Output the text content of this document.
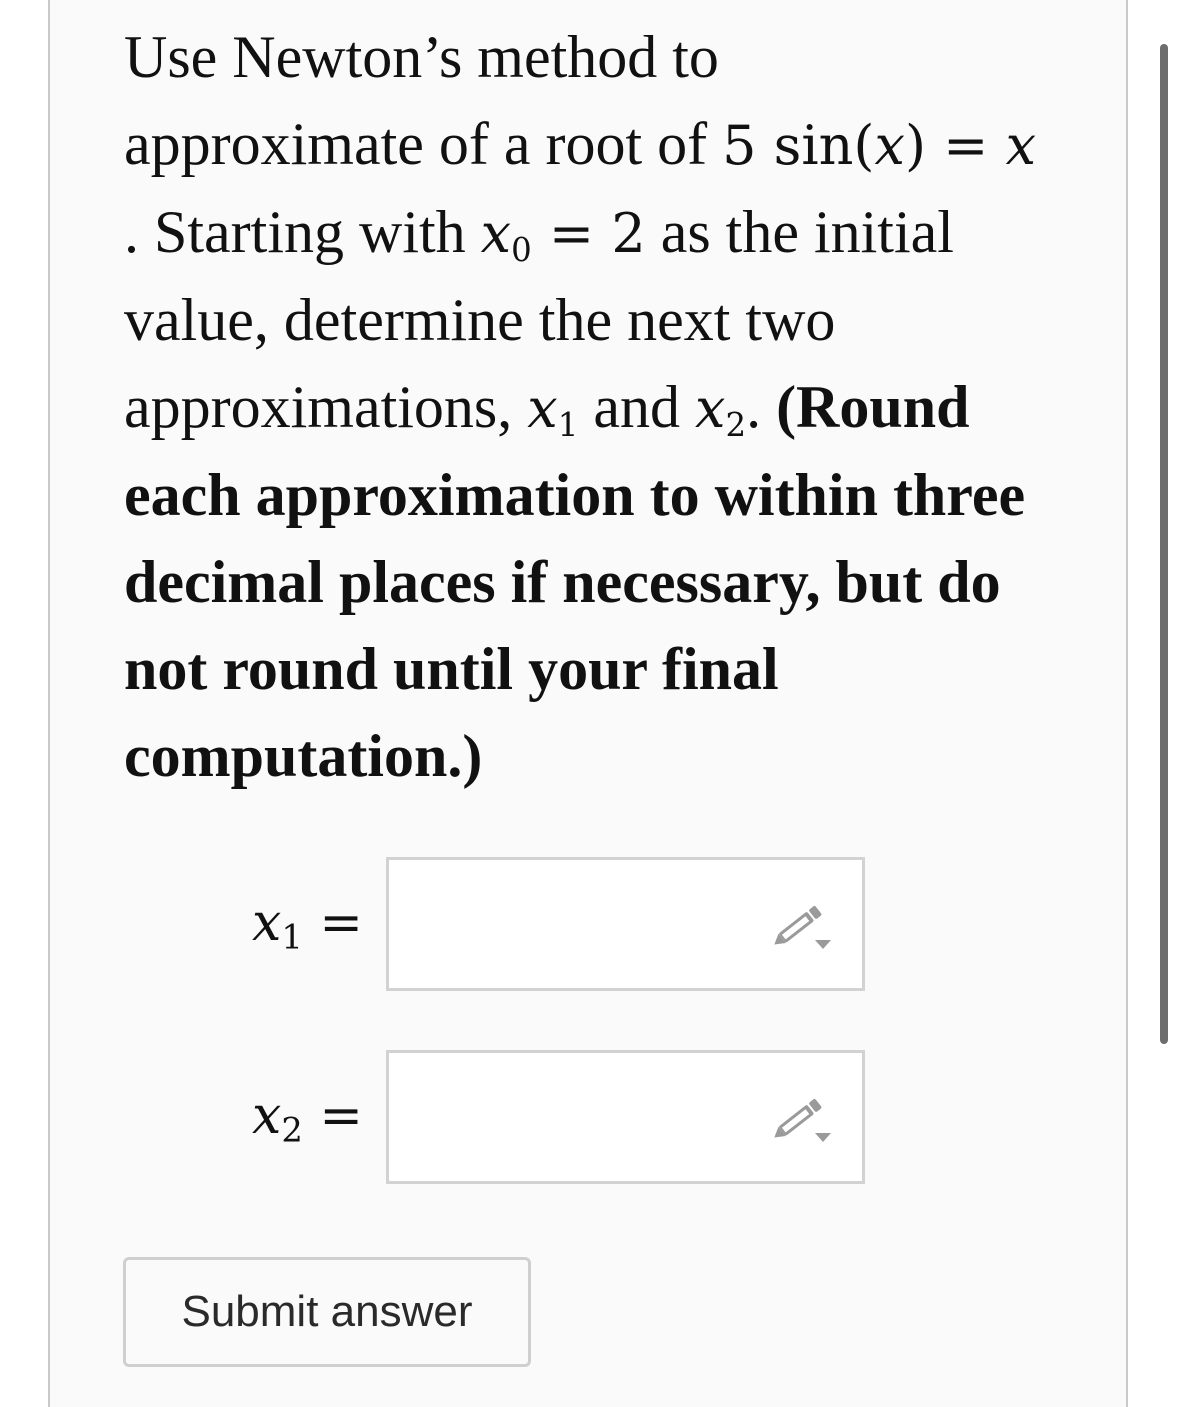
Use Newton’s method to
approximate of a root of 5 sin(x) = x
. Starting with $x_0 = 2$ as the initial
value, determine the next two
approximations, $x_1$ and $x_2$. (Round each approximation to within three decimal places if necessary, but do not round until your final computation.)
$x_1$ =
$x_2$ =
Submit answer
